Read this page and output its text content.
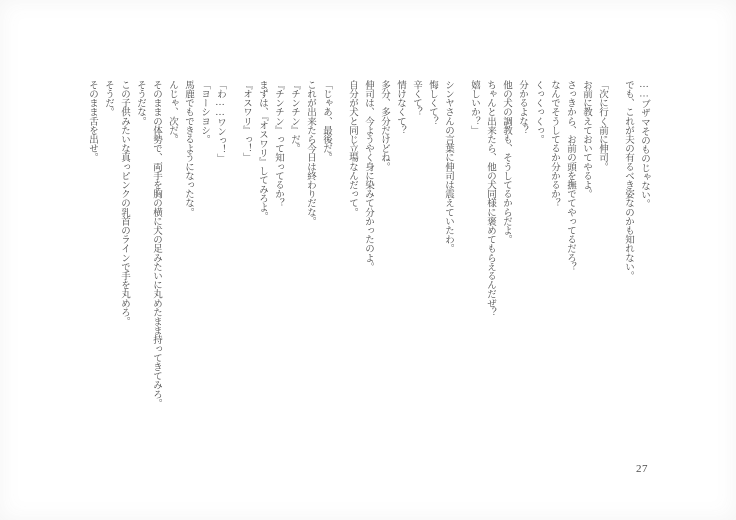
……ブザマそのものじゃない。

でも、これが夫の有るべき姿なのかも知れない。

「次に行く前に伸司。

お前に教えておいてやるよ。

さっきから、お前の頭を撫でてやってるだろ？

なんでそうしてるか分かるか？

くっくっくっ。

分かるよな？

他の犬の調教も、そうしてるからだよ。

ちゃんと出来たら、他の犬同様に褒めてもらえるんだぜ？

嬉しいか？」

シンヤさんの言葉に伸司は震えていたわ。

悔しくて？

辛くて？

情けなくて？

多分、多分だけどね。

伸司は、今ようやく身に染みて分かったのよ。

自分が犬と同じ立場なんだって。

「じゃあ、最後だ。

これが出来たら今日は終わりだな。

『チンチン』だ。

『チンチン』って知ってるか？

まずは、『オスワリ』してみろよ。

『オスワリ』っ！」

「わ……ワンっ！」

「ヨーシヨシ。

馬鹿でもできるようになったな。

んじゃ、次だ。

そのままの体勢で、両手を胸の横に犬の足みたいに丸めたまま持ってきてみろ。

そうだな。

この子供みたいな真っピンクの乳首のラインで手を丸めろ。

そうだ。

そのまま舌を出せ。

27
